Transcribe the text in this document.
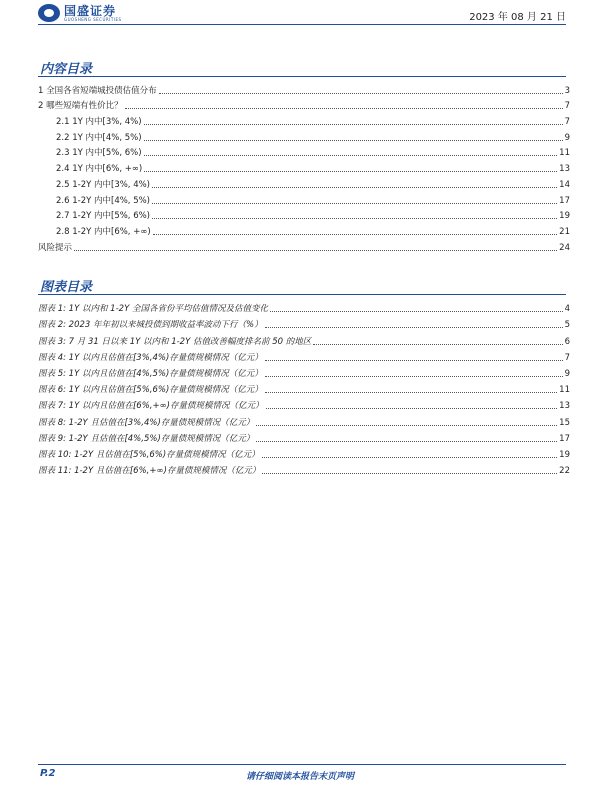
国盛证券
GUOSHENG SECURITIES	2023 年 08 月 21 日
内容目录
1 全国各省短端城投债估值分布	3
2 哪些短端有性价比？	7
2.1 1Y 内中[3%, 4%)	7
2.2 1Y 内中[4%, 5%)	9
2.3 1Y 内中[5%, 6%)	11
2.4 1Y 内中[6%, +∞)	13
2.5 1-2Y 内中[3%, 4%)	14
2.6 1-2Y 内中[4%, 5%)	17
2.7 1-2Y 内中[5%, 6%)	19
2.8 1-2Y 内中[6%, +∞)	21
风险提示	24
图表目录
图表 1: 1Y 以内和 1-2Y 全国各省份平均估值情况及估值变化	4
图表 2: 2023 年年初以来城投债到期收益率波动下行（%）	5
图表 3: 7 月 31 日以来 1Y 以内和 1-2Y 估值改善幅度排名前 50 的地区	6
图表 4: 1Y 以内且估值在[3%,4%)存量债规模情况（亿元）	7
图表 5: 1Y 以内且估值在[4%,5%)存量债规模情况（亿元）	9
图表 6: 1Y 以内且估值在[5%,6%)存量债规模情况（亿元）	11
图表 7: 1Y 以内且估值在[6%,+∞)存量债规模情况（亿元）	13
图表 8: 1-2Y 且估值在[3%,4%)存量债规模情况（亿元）	15
图表 9: 1-2Y 且估值在[4%,5%)存量债规模情况（亿元）	17
图表 10: 1-2Y 且估值在[5%,6%)存量债规模情况（亿元）	19
图表 11: 1-2Y 且估值在[6%,+∞)存量债规模情况（亿元）	22
请仔细阅读本报告末页声明
P.2
